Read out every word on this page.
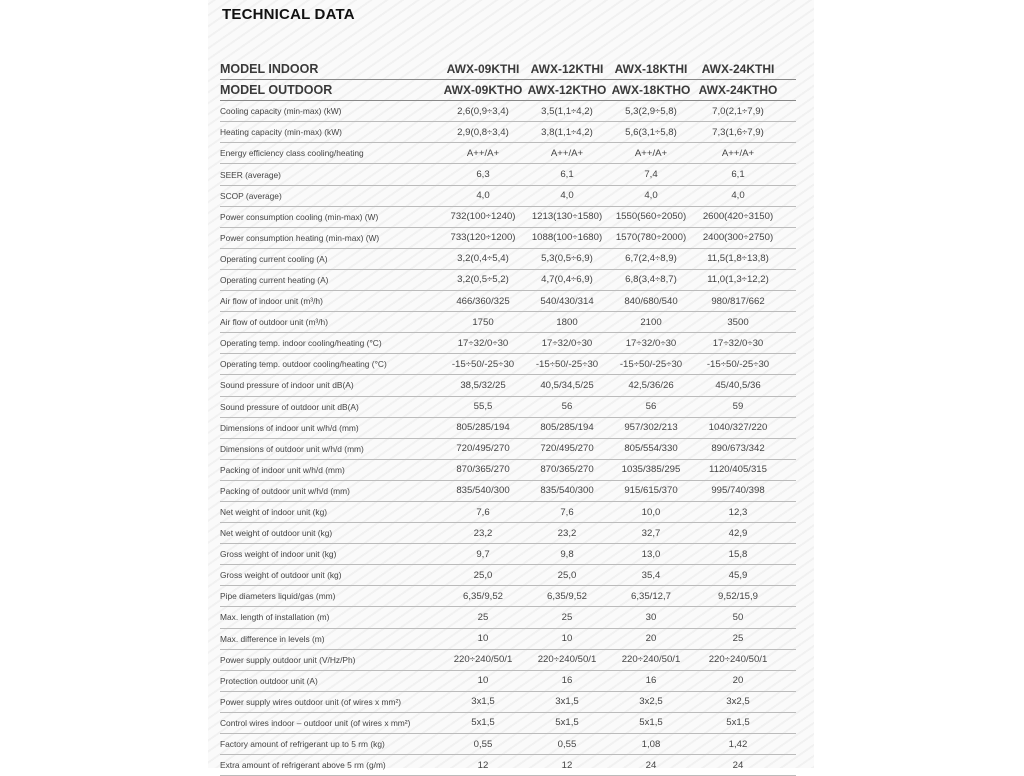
TECHNICAL DATA
MODEL INDOOR	AWX-09KTHI	AWX-12KTHI	AWX-18KTHI	AWX-24KTHI
MODEL OUTDOOR	AWX-09KTHO	AWX-12KTHO	AWX-18KTHO	AWX-24KTHO
Cooling capacity (min-max) (kW)	2,6(0,9÷3,4)	3,5(1,1÷4,2)	5,3(2,9÷5,8)	7,0(2,1÷7,9)
Heating capacity (min-max) (kW)	2,9(0,8÷3,4)	3,8(1,1÷4,2)	5,6(3,1÷5,8)	7,3(1,6÷7,9)
Energy efficiency class cooling/heating	A++/A+	A++/A+	A++/A+	A++/A+
SEER (average)	6,3	6,1	7,4	6,1
SCOP (average)	4,0	4,0	4,0	4,0
Power consumption cooling (min-max) (W)	732(100÷1240)	1213(130÷1580)	1550(560÷2050)	2600(420÷3150)
Power consumption heating (min-max) (W)	733(120÷1200)	1088(100÷1680)	1570(780÷2000)	2400(300÷2750)
Operating current cooling (A)	3,2(0,4÷5,4)	5,3(0,5÷6,9)	6,7(2,4÷8,9)	11,5(1,8÷13,8)
Operating current heating (A)	3,2(0,5÷5,2)	4,7(0,4÷6,9)	6,8(3,4÷8,7)	11,0(1,3÷12,2)
Air flow of indoor unit (m³/h)	466/360/325	540/430/314	840/680/540	980/817/662
Air flow of outdoor unit (m³/h)	1750	1800	2100	3500
Operating temp. indoor cooling/heating (°C)	17÷32/0÷30	17÷32/0÷30	17÷32/0÷30	17÷32/0÷30
Operating temp. outdoor cooling/heating (°C)	-15÷50/-25÷30	-15÷50/-25÷30	-15÷50/-25÷30	-15÷50/-25÷30
Sound pressure of indoor unit dB(A)	38,5/32/25	40,5/34,5/25	42,5/36/26	45/40,5/36
Sound pressure of outdoor unit dB(A)	55,5	56	56	59
Dimensions of indoor unit w/h/d (mm)	805/285/194	805/285/194	957/302/213	1040/327/220
Dimensions of outdoor unit w/h/d (mm)	720/495/270	720/495/270	805/554/330	890/673/342
Packing of indoor unit w/h/d (mm)	870/365/270	870/365/270	1035/385/295	1120/405/315
Packing of outdoor unit w/h/d (mm)	835/540/300	835/540/300	915/615/370	995/740/398
Net weight of indoor unit (kg)	7,6	7,6	10,0	12,3
Net weight of outdoor unit (kg)	23,2	23,2	32,7	42,9
Gross weight of indoor unit (kg)	9,7	9,8	13,0	15,8
Gross weight of outdoor unit (kg)	25,0	25,0	35,4	45,9
Pipe diameters liquid/gas (mm)	6,35/9,52	6,35/9,52	6,35/12,7	9,52/15,9
Max. length of installation (m)	25	25	30	50
Max. difference in levels (m)	10	10	20	25
Power supply outdoor unit (V/Hz/Ph)	220÷240/50/1	220÷240/50/1	220÷240/50/1	220÷240/50/1
Protection outdoor unit (A)	10	16	16	20
Power supply wires outdoor unit (of wires x mm²)	3x1,5	3x1,5	3x2,5	3x2,5
Control wires indoor – outdoor unit (of wires x mm²)	5x1,5	5x1,5	5x1,5	5x1,5
Factory amount of refrigerant up to 5 rm (kg)	0,55	0,55	1,08	1,42
Extra amount of refrigerant above 5 rm (g/m)	12	12	24	24
